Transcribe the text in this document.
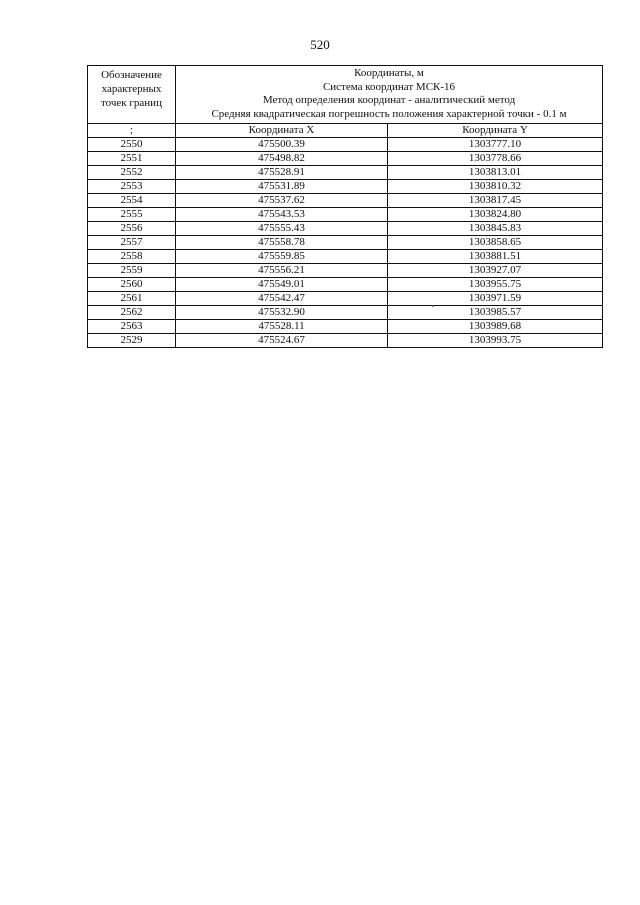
520
Обозначение характерных точек границ	Координаты, м
Система координат МСК-16
Метод определения координат - аналитический метод
Средняя квадратическая погрешность положения характерной точки - 0.1 м	

;	Координата X	Координата Y
2550	475500.39	1303777.10
2551	475498.82	1303778.66
2552	475528.91	1303813.01
2553	475531.89	1303810.32
2554	475537.62	1303817.45
2555	475543.53	1303824.80
2556	475555.43	1303845.83
2557	475558.78	1303858.65
2558	475559.85	1303881.51
2559	475556.21	1303927.07
2560	475549.01	1303955.75
2561	475542.47	1303971.59
2562	475532.90	1303985.57
2563	475528.11	1303989.68
2529	475524.67	1303993.75
